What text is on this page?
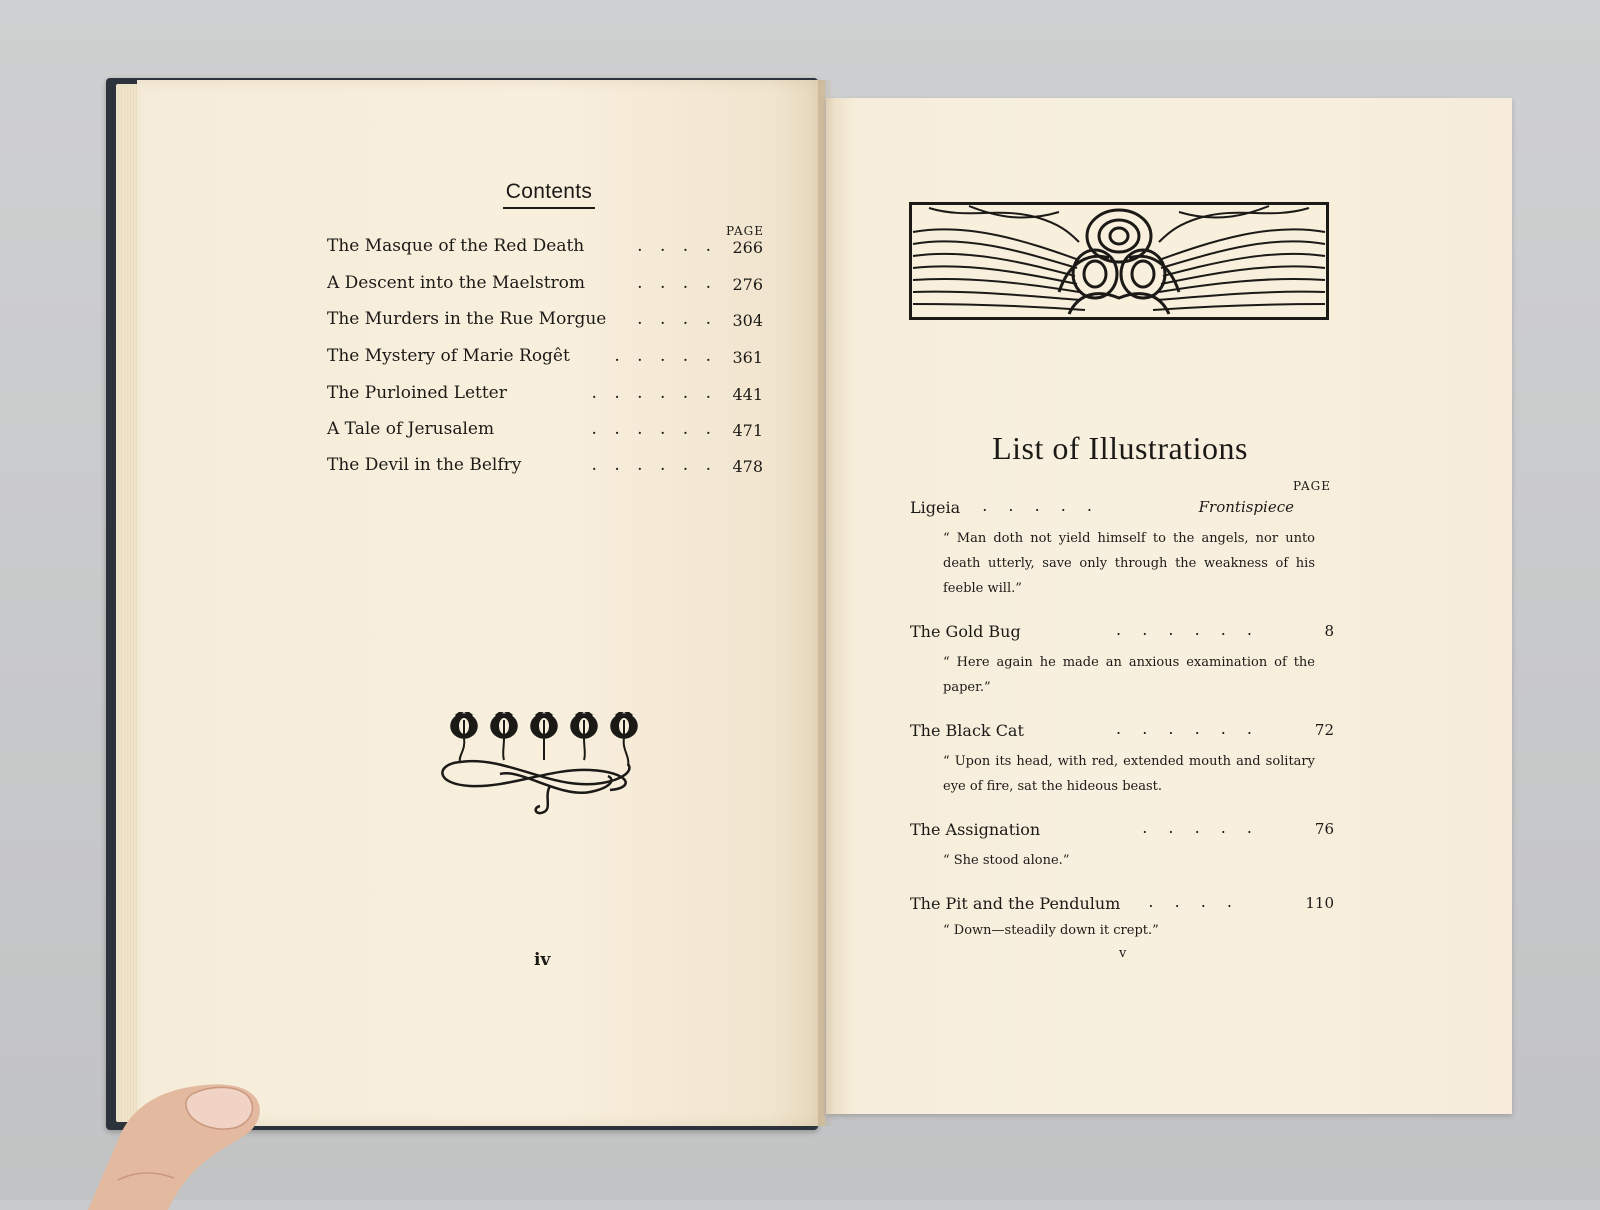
Contents
PAGE
The Masque of the Red Death	. . . . 266
A Descent into the Maelstrom	. . . . 276
The Murders in the Rue Morgue	. . . . 304
The Mystery of Marie Rogêt	. . . . . 361
The Purloined Letter	. . . . . . 441
A Tale of Jerusalem	. . . . . . 471
The Devil in the Belfry	. . . . . . 478
iv
List of Illustrations
PAGE
Ligeia	. . . . .	Frontispiece
“ Man doth not yield himself to the angels, nor unto death utterly, save only through the weakness of his feeble will.”
The Gold Bug	. . . . . .	8
“ Here again he made an anxious examination of the paper.”
The Black Cat	. . . . . .	72
“ Upon its head, with red, extended mouth and solitary eye of fire, sat the hideous beast.
The Assignation	. . . . .	76
“ She stood alone.”
The Pit and the Pendulum	. . . .	110
“ Down—steadily down it crept.”
v
